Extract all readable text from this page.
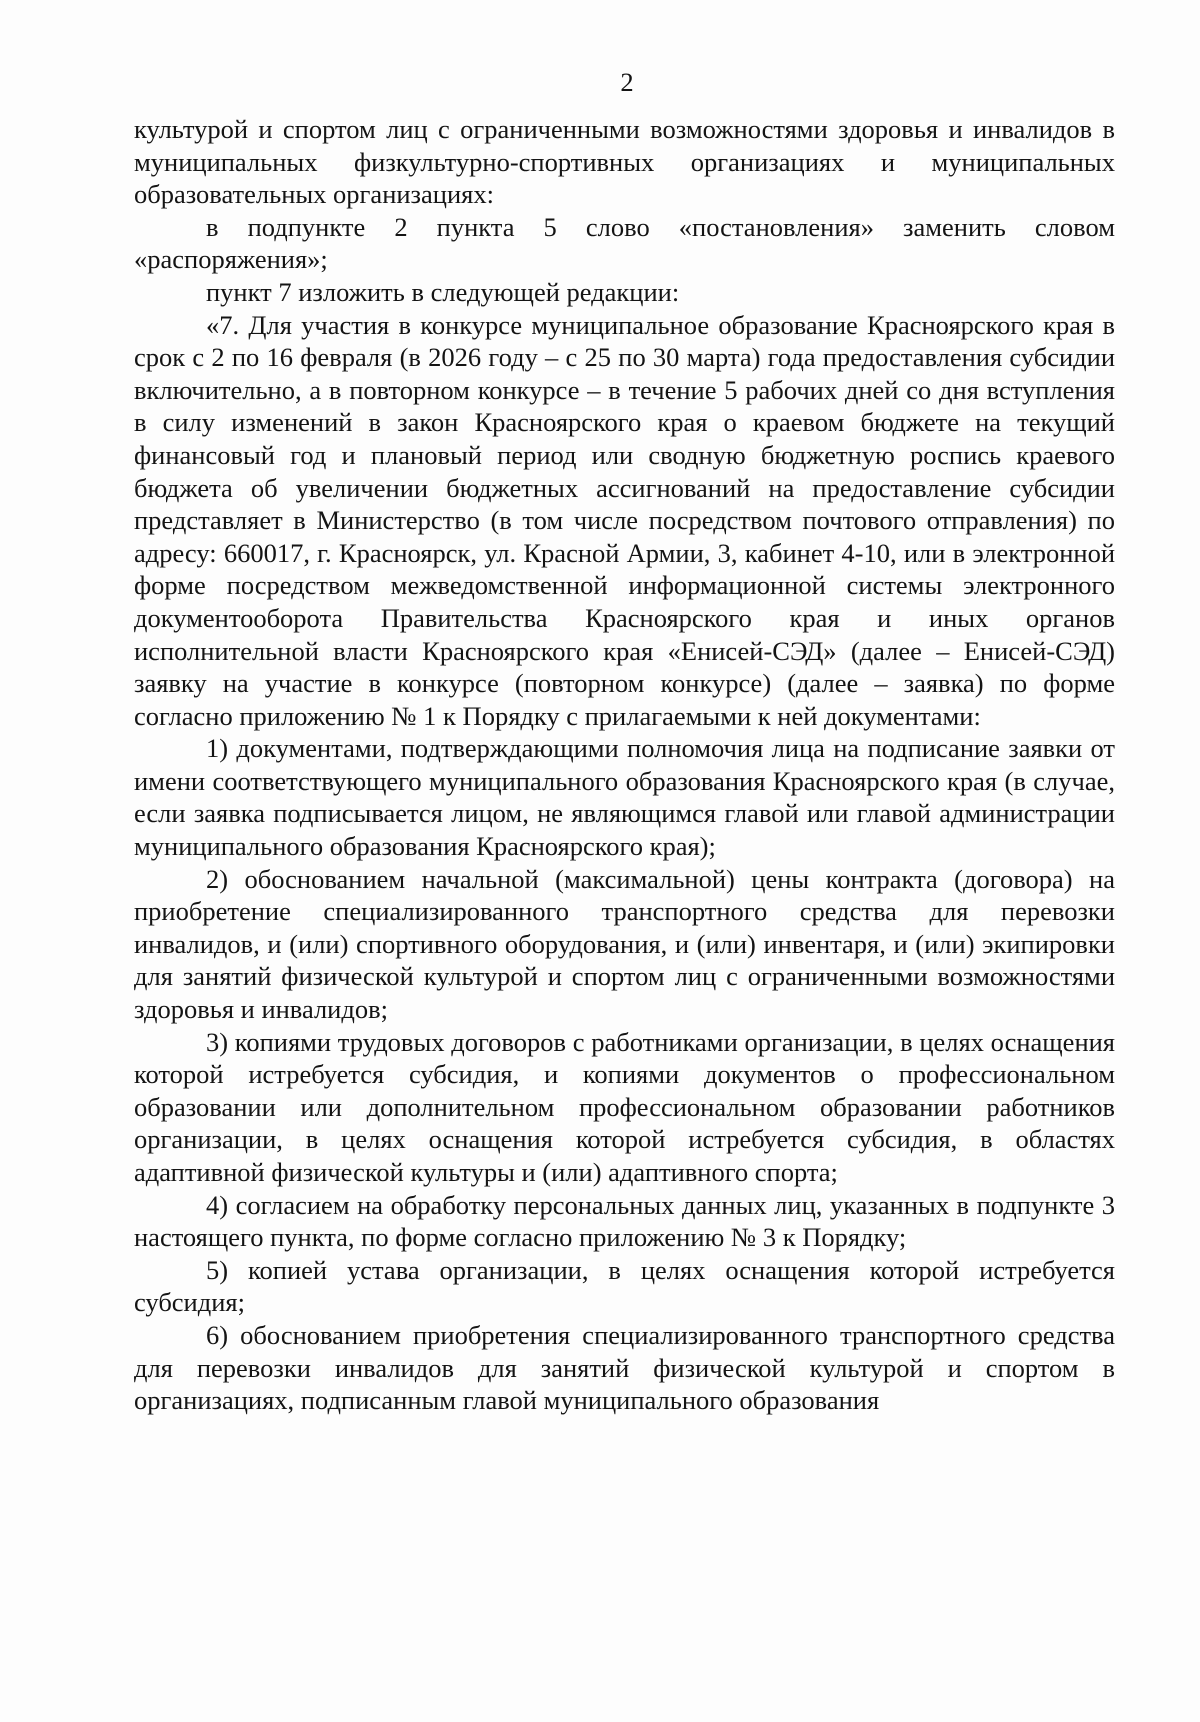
2

культурой и спортом лиц с ограниченными возможностями здоровья и инвалидов в муниципальных физкультурно-спортивных организациях и муниципальных образовательных организациях:

в подпункте 2 пункта 5 слово «постановления» заменить словом «распоряжения»;

пункт 7 изложить в следующей редакции:

«7. Для участия в конкурсе муниципальное образование Красноярского края в срок с 2 по 16 февраля (в 2026 году – с 25 по 30 марта) года предоставления субсидии включительно, а в повторном конкурсе – в течение 5 рабочих дней со дня вступления в силу изменений в закон Красноярского края о краевом бюджете на текущий финансовый год и плановый период или сводную бюджетную роспись краевого бюджета об увеличении бюджетных ассигнований на предоставление субсидии представляет в Министерство (в том числе посредством почтового отправления) по адресу: 660017, г. Красноярск, ул. Красной Армии, 3, кабинет 4-10, или в электронной форме посредством межведомственной информационной системы электронного документооборота Правительства Красноярского края и иных органов исполнительной власти Красноярского края «Енисей-СЭД» (далее – Енисей-СЭД) заявку на участие в конкурсе (повторном конкурсе) (далее – заявка) по форме согласно приложению № 1 к Порядку с прилагаемыми к ней документами:

1) документами, подтверждающими полномочия лица на подписание заявки от имени соответствующего муниципального образования Красноярского края (в случае, если заявка подписывается лицом, не являющимся главой или главой администрации муниципального образования Красноярского края);

2) обоснованием начальной (максимальной) цены контракта (договора) на приобретение специализированного транспортного средства для перевозки инвалидов, и (или) спортивного оборудования, и (или) инвентаря, и (или) экипировки для занятий физической культурой и спортом лиц с ограниченными возможностями здоровья и инвалидов;

3) копиями трудовых договоров с работниками организации, в целях оснащения которой истребуется субсидия, и копиями документов о профессиональном образовании или дополнительном профессиональном образовании работников организации, в целях оснащения которой истребуется субсидия, в областях адаптивной физической культуры и (или) адаптивного спорта;

4) согласием на обработку персональных данных лиц, указанных в подпункте 3 настоящего пункта, по форме согласно приложению № 3 к Порядку;

5) копией устава организации, в целях оснащения которой истребуется субсидия;

6) обоснованием приобретения специализированного транспортного средства для перевозки инвалидов для занятий физической культурой и спортом в организациях, подписанным главой муниципального образования
